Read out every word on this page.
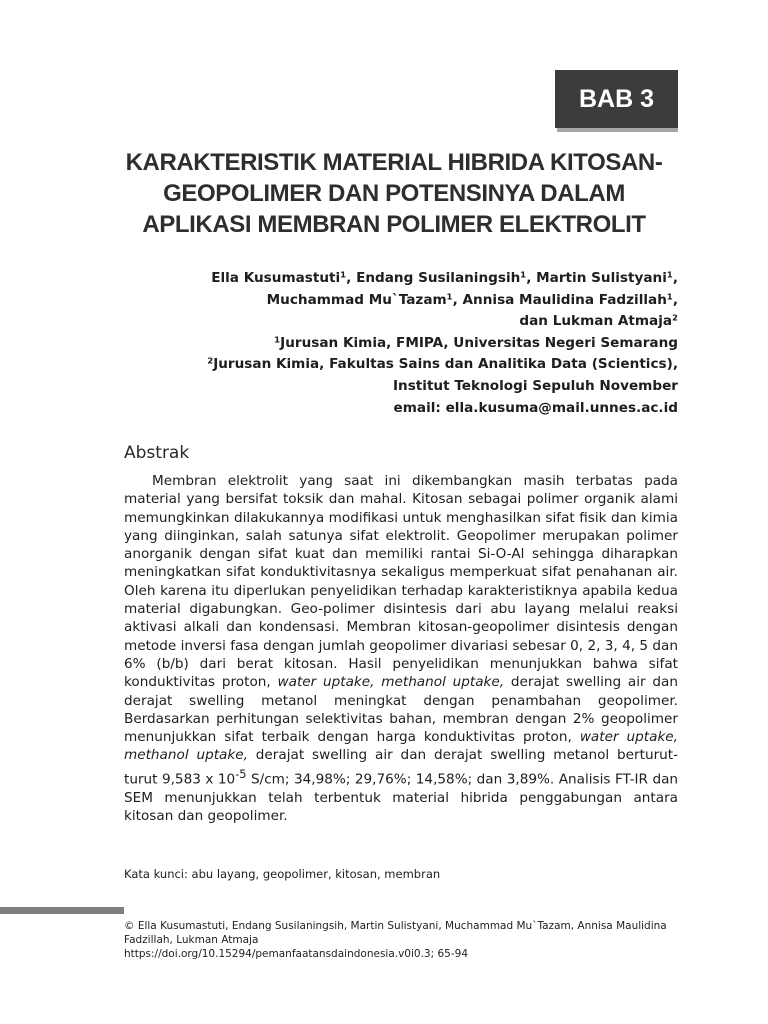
BAB 3
KARAKTERISTIK MATERIAL HIBRIDA KITOSAN-
GEOPOLIMER DAN POTENSINYA DALAM
APLIKASI MEMBRAN POLIMER ELEKTROLIT
Ella Kusumastuti¹, Endang Susilaningsih¹, Martin Sulistyani¹,
Muchammad Mu`Tazam¹, Annisa Maulidina Fadzillah¹,
dan Lukman Atmaja²
¹Jurusan Kimia, FMIPA, Universitas Negeri Semarang
²Jurusan Kimia, Fakultas Sains dan Analitika Data (Scientics),
Institut Teknologi Sepuluh November
email: ella.kusuma@mail.unnes.ac.id
Abstrak

Membran elektrolit yang saat ini dikembangkan masih terbatas pada material yang bersifat toksik dan mahal. Kitosan sebagai polimer organik alami memungkinkan dilakukannya modifikasi untuk menghasilkan sifat fisik dan kimia yang diinginkan, salah satunya sifat elektrolit. Geopolimer merupakan polimer anorganik dengan sifat kuat dan memiliki rantai Si-O-Al sehingga diharapkan meningkatkan sifat konduktivitasnya sekaligus memperkuat sifat penahanan air. Oleh karena itu diperlukan penyelidikan terhadap karakteristiknya apabila kedua material digabungkan. Geo-polimer disintesis dari abu layang melalui reaksi aktivasi alkali dan kondensasi. Membran kitosan-geopolimer disintesis dengan metode inversi fasa dengan jumlah geopolimer divariasi sebesar 0, 2, 3, 4, 5 dan 6% (b/b) dari berat kitosan. Hasil penyelidikan menunjukkan bahwa sifat konduktivitas proton, water uptake, methanol uptake, derajat swelling air dan derajat swelling metanol meningkat dengan penambahan geopolimer. Berdasarkan perhitungan selektivitas bahan, membran dengan 2% geopolimer menunjukkan sifat terbaik dengan harga konduktivitas proton, water uptake, methanol uptake, derajat swelling air dan derajat swelling metanol berturut-turut 9,583 x $10^{-5}$ S/cm; 34,98%; 29,76%; 14,58%; dan 3,89%. Analisis FT-IR dan SEM menunjukkan telah terbentuk material hibrida penggabungan antara kitosan dan geopolimer.

Kata kunci: abu layang, geopolimer, kitosan, membran

© Ella Kusumastuti, Endang Susilaningsih, Martin Sulistyani, Muchammad Mu`Tazam, Annisa Maulidina Fadzillah, Lukman Atmaja
https://doi.org/10.15294/pemanfaatansdaindonesia.v0i0.3; 65-94
